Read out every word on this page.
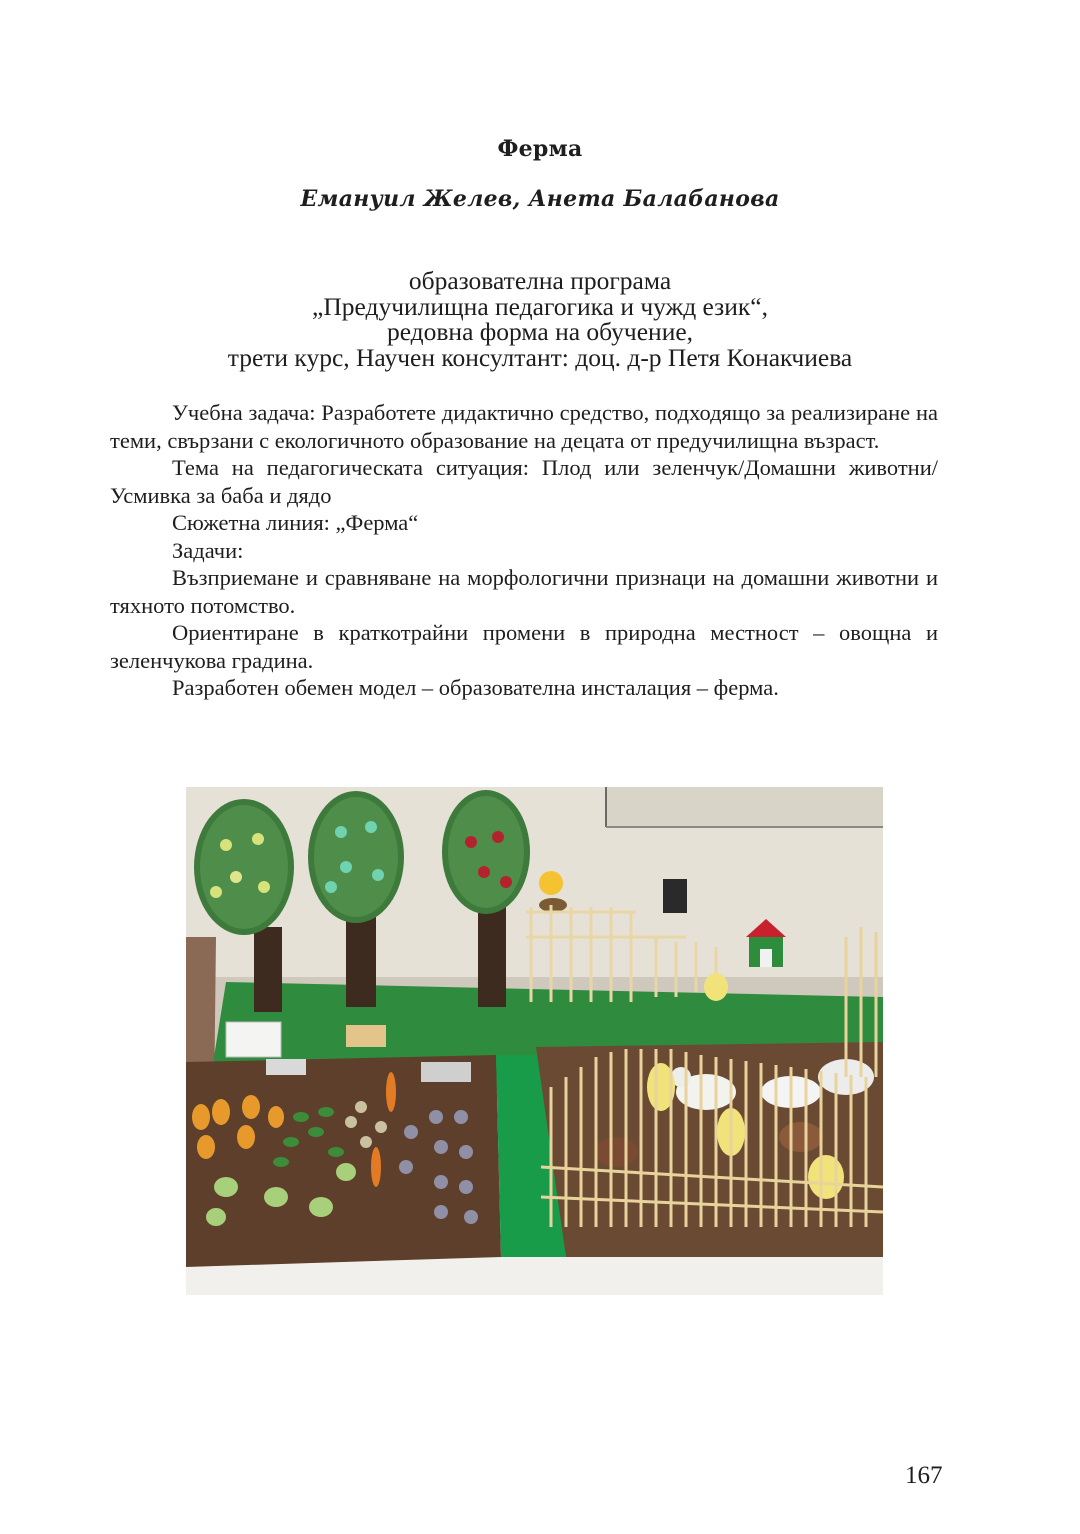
Ферма
Емануил Желев, Анета Балабанова
образователна програма
„Предучилищна педагогика и чужд език“,
редовна форма на обучение,
трети курс, Научен консултант: доц. д-р Петя Конакчиева

Учебна задача: Разработете дидактично средство, подходящо за реализиране на теми, свързани с екологичното образование на децата от предучилищна възраст.

Тема на педагогическата ситуация: Плод или зеленчук/Домашни животни/Усмивка за баба и дядо

Сюжетна линия: „Ферма“

Задачи:

Възприемане и сравняване на морфологични признаци на домашни животни и тяхното потомство.

Ориентиране в краткотрайни промени в природна местност – овощна и зеленчукова градина.

Разработен обемен модел – образователна инсталация – ферма.

167
